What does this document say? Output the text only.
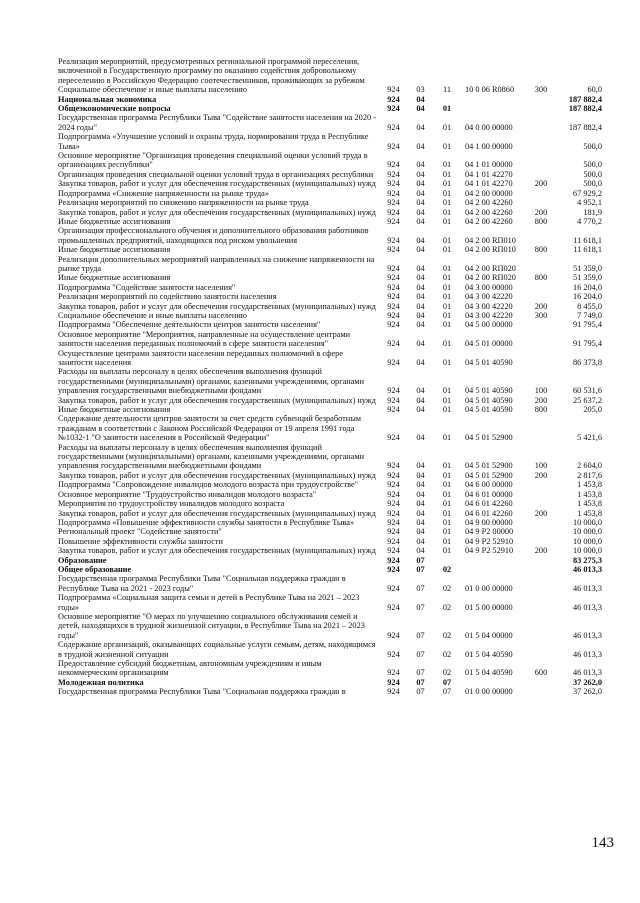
Реализация мероприятий, предусмотренных региональной программой переселения, включенной в Государственную программу по оказанию содействия добровольному переселению в Российскую Федерацию соотечественников, проживающих за рубежом
Социальное обеспечение и иные выплаты населению	924	03	11	10 0 06 R0860	300	60,0
Национальная экономика	924	04	187 882,4
Общеэкономические вопросы	924	04	01	187 882,4
Государственная программа Республики Тыва "Содействие занятости населения на 2020 - 2024 годы"	924	04	01	04 0 00 00000	187 882,4
Подпрограмма «Улучшение условий и охраны труда, нормирования труда в Республике Тыва»	924	04	01	04 1 00 00000	500,0
Основное мероприятие "Организация проведения специальной оценки условий труда в организациях республики"	924	04	01	04 1 01 00000	500,0
Организация проведения специальной оценки условий труда в организациях республики	924	04	01	04 1 01 42270	500,0
Закупка товаров, работ и услуг для обеспечения государственных (муниципальных) нужд	924	04	01	04 1 01 42270	200	500,0
Подпрограмма «Снижение напряженности на рынке труда»	924	04	01	04 2 00 00000	67 929,2
Реализация мероприятий по снижению напряженности на рынке труда	924	04	01	04 2 00 42260	4 952,1
Закупка товаров, работ и услуг для обеспечения государственных (муниципальных) нужд	924	04	01	04 2 00 42260	200	181,9
Иные бюджетные ассигнования	924	04	01	04 2 00 42260	800	4 770,2
Организация профессионального обучения и дополнительного образования работников промышленных предприятий, находящихся под риском увольнения	924	04	01	04 2 00 RП010	11 618,1
Иные бюджетные ассигнования	924	04	01	04 2 00 RП010	800	11 618,1
Реализация дополнительных мероприятий направленных на снижение напряженности на рынке труда	924	04	01	04 2 00 RП020	51 359,0
Иные бюджетные ассигнования	924	04	01	04 2 00 RП020	800	51 359,0
Подпрограмма "Содействие занятости населения"	924	04	01	04 3 00 00000	16 204,0
Реализация мероприятий по содействию занятости населения	924	04	01	04 3 00 42220	16 204,0
Закупка товаров, работ и услуг для обеспечения государственных (муниципальных) нужд	924	04	01	04 3 00 42220	200	8 455,0
Социальное обеспечение и иные выплаты населению	924	04	01	04 3 00 42220	300	7 749,0
Подпрограмма "Обеспечение деятельности центров занятости населения"	924	04	01	04 5 00 00000	91 795,4
Основное мероприятие "Мероприятия, направленные на осуществление центрами занятости населения переданных полномочий в сфере занятости населения"	924	04	01	04 5 01 00000	91 795,4
Осуществление центрами занятости населения переданных полномочий в сфере занятости населения	924	04	01	04 5 01 40590	86 373,8
Расходы на выплаты персоналу в целях обеспечения выполнения функций государственными (муниципальными) органами, казенными учреждениями, органами управления государственными внебюджетными фондами	924	04	01	04 5 01 40590	100	60 531,6
Закупка товаров, работ и услуг для обеспечения государственных (муниципальных) нужд	924	04	01	04 5 01 40590	200	25 637,2
Иные бюджетные ассигнования	924	04	01	04 5 01 40590	800	205,0
Содержание деятельности центров занятости за счет средств субвенций безработным гражданам в соответствии с Законом Российской Федерации от 19 апреля 1991 года №1032-1 "О занятости населения в Российской Федерации"	924	04	01	04 5 01 52900	5 421,6
Расходы на выплаты персоналу в целях обеспечения выполнения функций государственными (муниципальными) органами, казенными учреждениями, органами управления государственными внебюджетными фондами	924	04	01	04 5 01 52900	100	2 604,0
Закупка товаров, работ и услуг для обеспечения государственных (муниципальных) нужд	924	04	01	04 5 01 52900	200	2 817,6
Подпрограмма "Сопровождение инвалидов молодого возраста при трудоустройстве"	924	04	01	04 6 00 00000	1 453,8
Основное мероприятие "Трудоустройство инвалидов молодого возраста"	924	04	01	04 6 01 00000	1 453,8
Мероприятия по трудоустройству инвалидов молодого возраста	924	04	01	04 6 01 42260	1 453,8
Закупка товаров, работ и услуг для обеспечения государственных (муниципальных) нужд	924	04	01	04 6 01 42260	200	1 453,8
Подпрограмма «Повышение эффективности службы занятости в Республике Тыва»	924	04	01	04 9 00 00000	10 000,0
Региональный проект "Содействие занятости"	924	04	01	04 9 P2 00000	10 000,0
Повышение эффективности службы занятости	924	04	01	04 9 P2 52910	10 000,0
Закупка товаров, работ и услуг для обеспечения государственных (муниципальных) нужд	924	04	01	04 9 P2 52910	200	10 000,0
Образование	924	07	83 275,3
Общее образование	924	07	02	46 013,3
Государственная программа Республики Тыва "Социальная поддержка граждан в Республике Тыва на 2021 - 2023 годы"	924	07	02	01 0 00 00000	46 013,3
Подпрограмма «Социальная защита семьи и детей в Республике Тыва на 2021 – 2023 годы»	924	07	02	01 5 00 00000	46 013,3
Основное мероприятие "О мерах по улучшению социального обслуживания семей и детей, находящихся в трудной жизненной ситуации, в Республике Тыва на 2021 – 2023 годы"	924	07	02	01 5 04 00000	46 013,3
Содержание организаций, оказывающих социальные услуги семьям, детям, находящимся в трудной жизненной ситуации	924	07	02	01 5 04 40590	46 013,3
Предоставление субсидий бюджетным, автономным учреждениям и иным некоммерческим организациям	924	07	02	01 5 04 40590	600	46 013,3
Молодежная политика	924	07	07	37 262,0
Государственная программа Республики Тыва "Социальная поддержка граждан в	924	07	07	01 0 00 00000	37 262,0
143
